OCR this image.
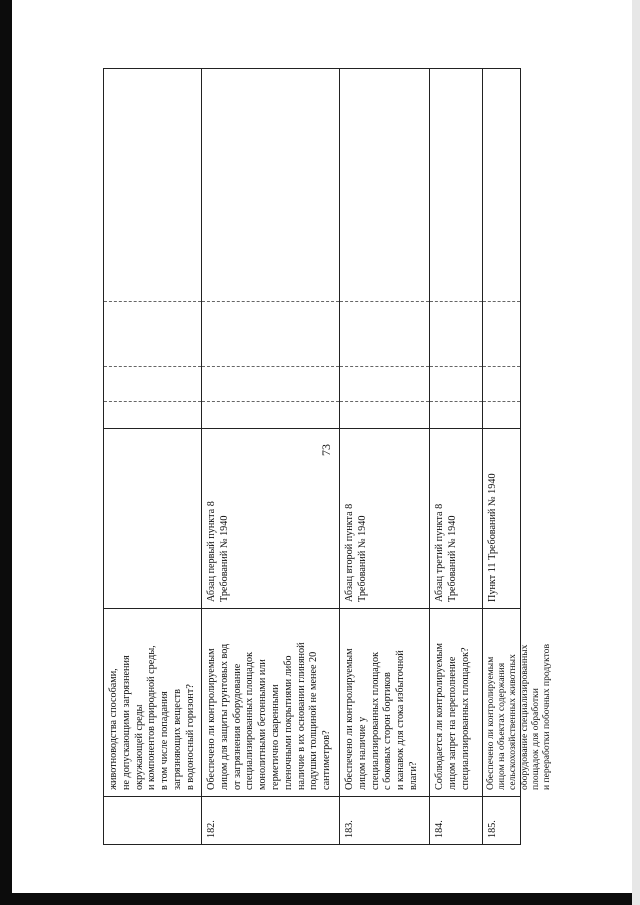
73
животноводства способами, не допускающими загрязнения окружающей среды и компонентов природной среды, в том числе попадания загрязняющих веществ в водоносный горизонт?
182.
Обеспечено ли контролируемым лицом для защиты грунтовых вод от загрязнения оборудование специализированных площадок монолитными бетонными или герметично сваренными пленочными покрытиями либо наличие в их основании глиняной подушки толщиной не менее 20 сантиметров?
Абзац первый пункта 8 Требований № 1940
183.
Обеспечено ли контролируемым лицом наличие у специализированных площадок с боковых сторон бортиков и канавок для стока избыточной влаги?
Абзац второй пункта 8 Требований № 1940
184.
Соблюдается ли контролируемым лицом запрет на переполнение специализированных площадок?
Абзац третий пункта 8 Требований № 1940
185.
Обеспечено ли контролируемым лицом на объектах содержания сельскохозяйственных животных оборудование специализированных площадок для обработки и переработки побочных продуктов
Пункт 11 Требований № 1940
